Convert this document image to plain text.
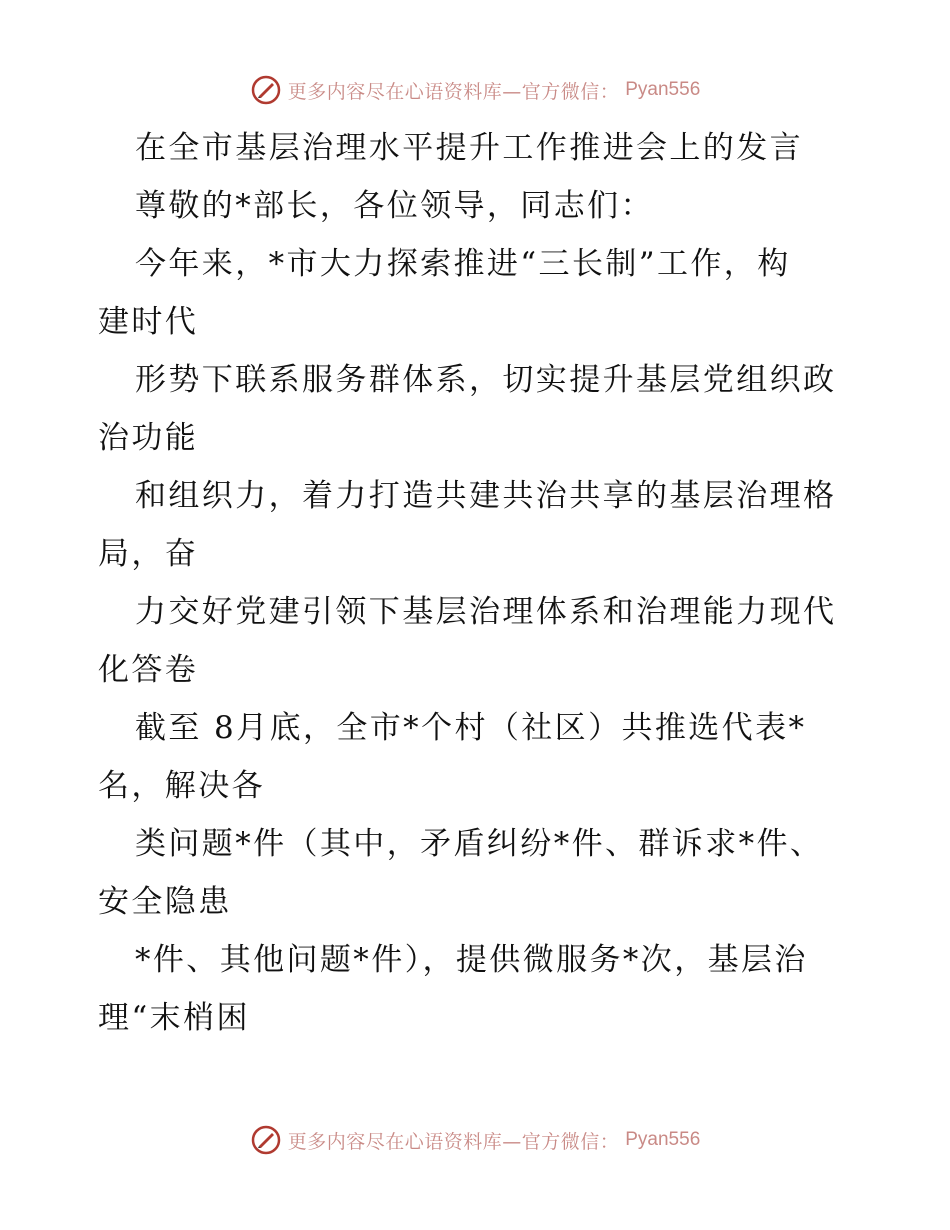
更多内容尽在心语资料库—官方微信： Pyan556
在全市基层治理水平提升工作推进会上的发言
尊敬的*部长，各位领导，同志们：
今年来，*市大力探索推进“三长制”工作，构
建时代
形势下联系服务群体系，切实提升基层党组织政
治功能
和组织力，着力打造共建共治共享的基层治理格
局，奋
力交好党建引领下基层治理体系和治理能力现代
化答卷
截至 8月底，全市*个村（社区）共推选代表*
名，解决各
类问题*件（其中，矛盾纠纷*件、群诉求*件、
安全隐患
*件、其他问题*件），提供微服务*次，基层治
理“末梢困
更多内容尽在心语资料库—官方微信： Pyan556
